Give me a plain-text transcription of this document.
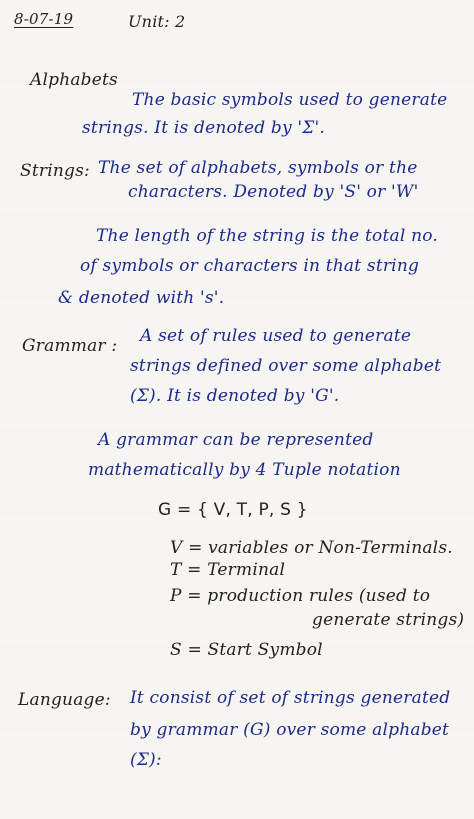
8-07-19	Unit: 2
Alphabets
The basic symbols used to generate
strings. It is denoted by 'Σ'.
Strings: The set of alphabets, symbols or the
characters. Denoted by 'S' or 'W'
The length of the string is the total no.
of symbols or characters in that string
& denoted with 's'.
Grammar : A set of rules used to generate
strings defined over some alphabet
(Σ). It is denoted by 'G'.
A grammar can be represented
mathematically by 4 Tuple notation
G = { V, T, P, S }
V = variables or Non-Terminals.
T = Terminal
P = production rules (used to
generate strings)
S = Start Symbol
Language: It consist of set of strings generated
by grammar (G) over some alphabet
(Σ):
